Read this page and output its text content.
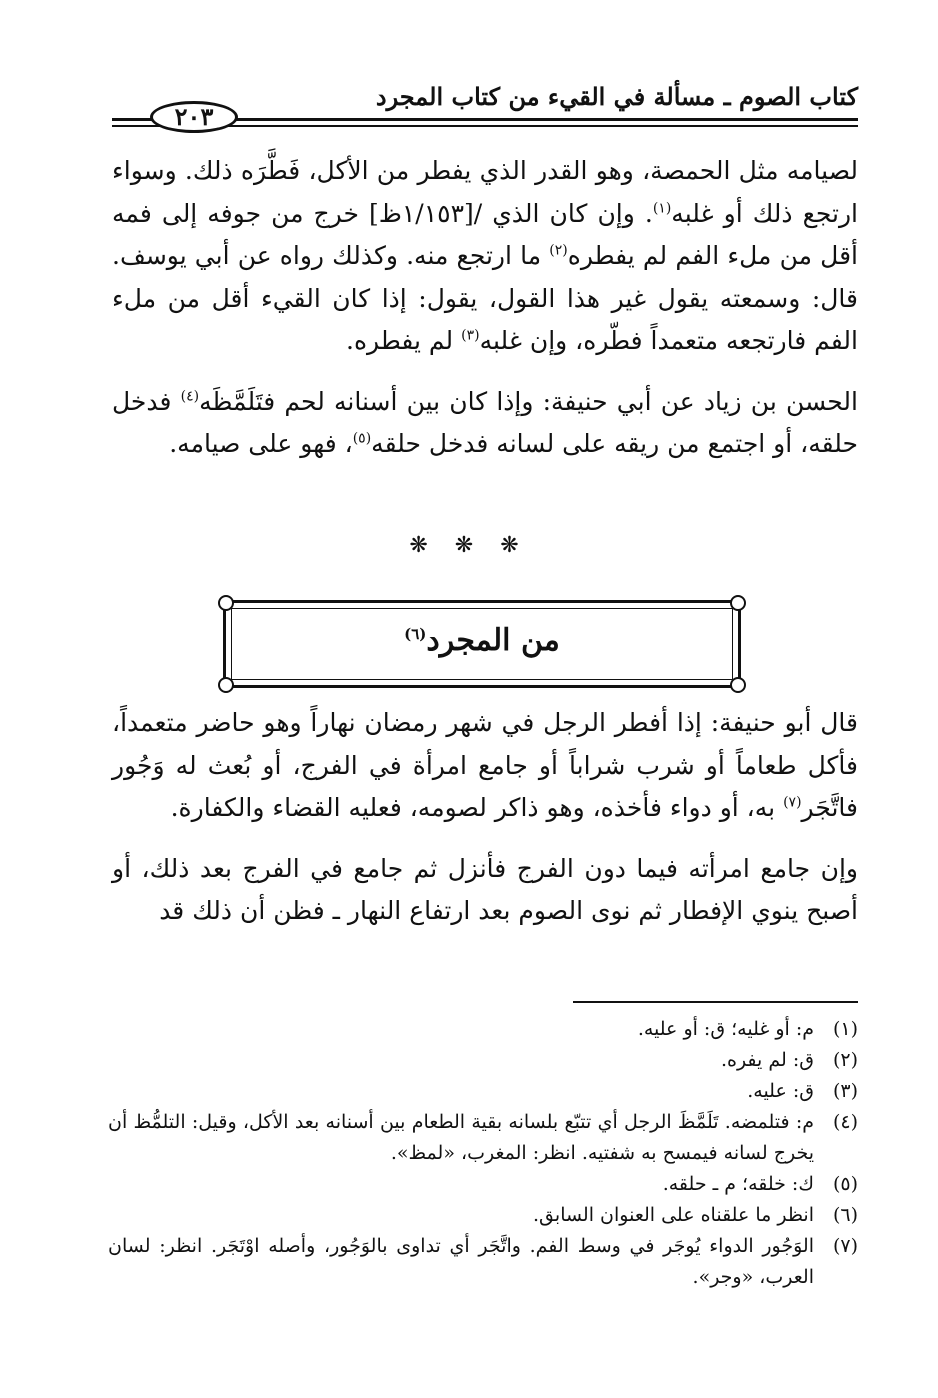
كتاب الصوم ـ مسألة في القيء من كتاب المجرد
٢٠٣

لصيامه مثل الحمصة، وهو القدر الذي يفطر من الأكل، فَطَّرَه ذلك. وسواء ارتجع ذلك أو غلبه$^{(١)}$. وإن كان الذي /[١/١٥٣ظ] خرج من جوفه إلى فمه أقل من ملء الفم لم يفطره$^{(٢)}$ ما ارتجع منه. وكذلك رواه عن أبي يوسف. قال: وسمعته يقول غير هذا القول، يقول: إذا كان القيء أقل من ملء الفم فارتجعه متعمداً فطّره، وإن غلبه$^{(٣)}$ لم يفطره.

الحسن بن زياد عن أبي حنيفة: وإذا كان بين أسنانه لحم فتَلَمَّظَه$^{(٤)}$ فدخل حلقه، أو اجتمع من ريقه على لسانه فدخل حلقه$^{(٥)}$، فهو على صيامه.

❋ ❋ ❋
من المجرد$^{(٦)}$

قال أبو حنيفة: إذا أفطر الرجل في شهر رمضان نهاراً وهو حاضر متعمداً، فأكل طعاماً أو شرب شراباً أو جامع امرأة في الفرج، أو بُعث له وَجُور فاتَّجَر$^{(٧)}$ به، أو دواء فأخذه، وهو ذاكر لصومه، فعليه القضاء والكفارة.

وإن جامع امرأته فيما دون الفرج فأنزل ثم جامع في الفرج بعد ذلك، أو أصبح ينوي الإفطار ثم نوى الصوم بعد ارتفاع النهار ـ فظن أن ذلك قد

(١)
م: أو غليه؛ ق: أو عليه.
(٢)
ق: لم يفره.
(٣)
ق: عليه.
(٤)
م: فتلمضه. تَلَمَّظَ الرجل أي تتبّع بلسانه بقية الطعام بين أسنانه بعد الأكل، وقيل: التلمُّظ أن يخرج لسانه فيمسح به شفتيه. انظر: المغرب، «لمظ».
(٥)
ك: خلقه؛ م ـ حلقه.
(٦)
انظر ما علقناه على العنوان السابق.
(٧)
الوَجُور الدواء يُوجَر في وسط الفم. واتَّجَر أي تداوى بالوَجُور، وأصله اوْتَجَر. انظر: لسان العرب، «وجر».
